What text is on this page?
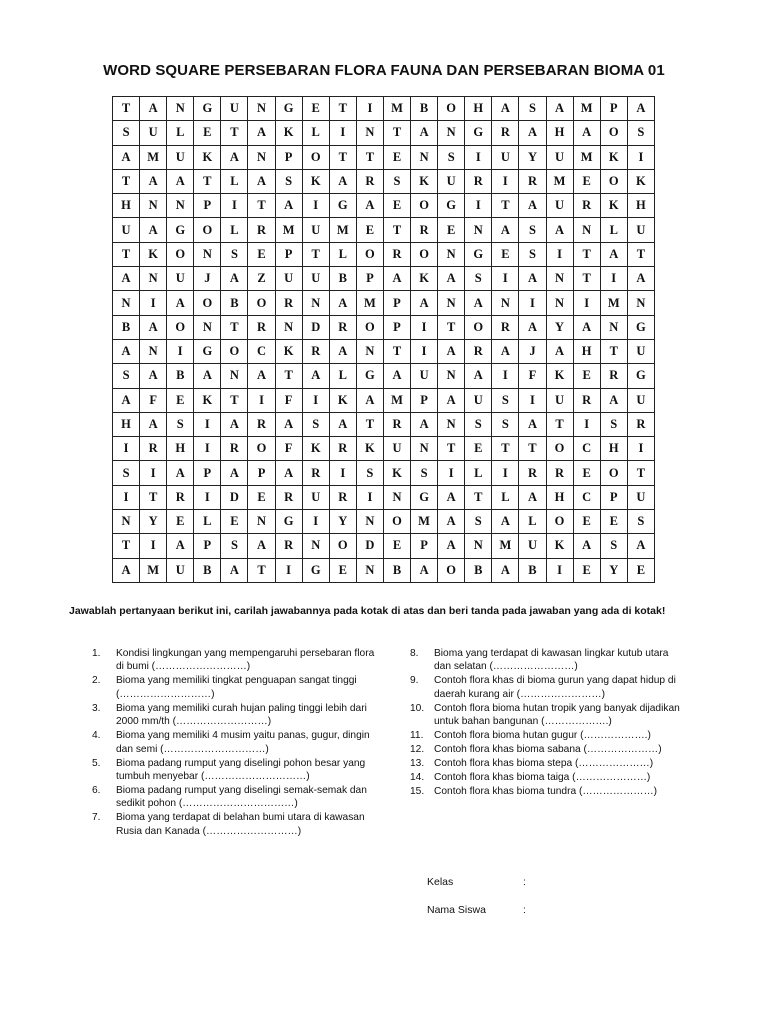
WORD SQUARE PERSEBARAN FLORA FAUNA DAN PERSEBARAN BIOMA 01
T	A	N	G	U	N	G	E	T	I	M	B	O	H	A	S	A	M	P	A
S	U	L	E	T	A	K	L	I	N	T	A	N	G	R	A	H	A	O	S
A	M	U	K	A	N	P	O	T	T	E	N	S	I	U	Y	U	M	K	I
T	A	A	T	L	A	S	K	A	R	S	K	U	R	I	R	M	E	O	K
H	N	N	P	I	T	A	I	G	A	E	O	G	I	T	A	U	R	K	H
U	A	G	O	L	R	M	U	M	E	T	R	E	N	A	S	A	N	L	U
T	K	O	N	S	E	P	T	L	O	R	O	N	G	E	S	I	T	A	T
A	N	U	J	A	Z	U	U	B	P	A	K	A	S	I	A	N	T	I	A
N	I	A	O	B	O	R	N	A	M	P	A	N	A	N	I	N	I	M	N
B	A	O	N	T	R	N	D	R	O	P	I	T	O	R	A	Y	A	N	G
A	N	I	G	O	C	K	R	A	N	T	I	A	R	A	J	A	H	T	U
S	A	B	A	N	A	T	A	L	G	A	U	N	A	I	F	K	E	R	G
A	F	E	K	T	I	F	I	K	A	M	P	A	U	S	I	U	R	A	U
H	A	S	I	A	R	A	S	A	T	R	A	N	S	S	A	T	I	S	R
I	R	H	I	R	O	F	K	R	K	U	N	T	E	T	T	O	C	H	I
S	I	A	P	A	P	A	R	I	S	K	S	I	L	I	R	R	E	O	T
I	T	R	I	D	E	R	U	R	I	N	G	A	T	L	A	H	C	P	U
N	Y	E	L	E	N	G	I	Y	N	O	M	A	S	A	L	O	E	E	S
T	I	A	P	S	A	R	N	O	D	E	P	A	N	M	U	K	A	S	A
A	M	U	B	A	T	I	G	E	N	B	A	O	B	A	B	I	E	Y	E
Jawablah pertanyaan berikut ini, carilah jawabannya pada kotak di atas dan beri tanda pada jawaban yang ada di kotak!
1.	Kondisi lingkungan yang mempengaruhi persebaran flora di bumi (………………………)
2.	Bioma yang memiliki tingkat penguapan sangat tinggi (………………………)
3.	Bioma yang memiliki curah hujan paling tinggi lebih dari 2000 mm/th (………………………)
4.	Bioma yang memiliki 4 musim yaitu panas, gugur, dingin dan semi (…………………………)
5.	Bioma padang rumput yang diselingi pohon besar yang tumbuh menyebar (…………………………)
6.	Bioma padang rumput yang diselingi semak-semak dan sedikit pohon (……………………………)
7.	Bioma yang terdapat di belahan bumi utara di kawasan Rusia dan Kanada (………………………)
8.	Bioma yang terdapat di kawasan lingkar kutub utara dan selatan (……………………)
9.	Contoh flora khas di bioma gurun yang dapat hidup di daerah kurang air (……………………)
10. Contoh flora bioma hutan tropik yang banyak dijadikan untuk bahan bangunan (……………….)
11.	Contoh flora bioma hutan gugur (……………….)
12. Contoh flora khas bioma sabana (…………………)
13. Contoh flora khas bioma stepa (…………………)
14. Contoh flora khas bioma taiga (…………………)
15. Contoh flora khas bioma tundra (…………………)
Kelas	:
Nama Siswa	:
